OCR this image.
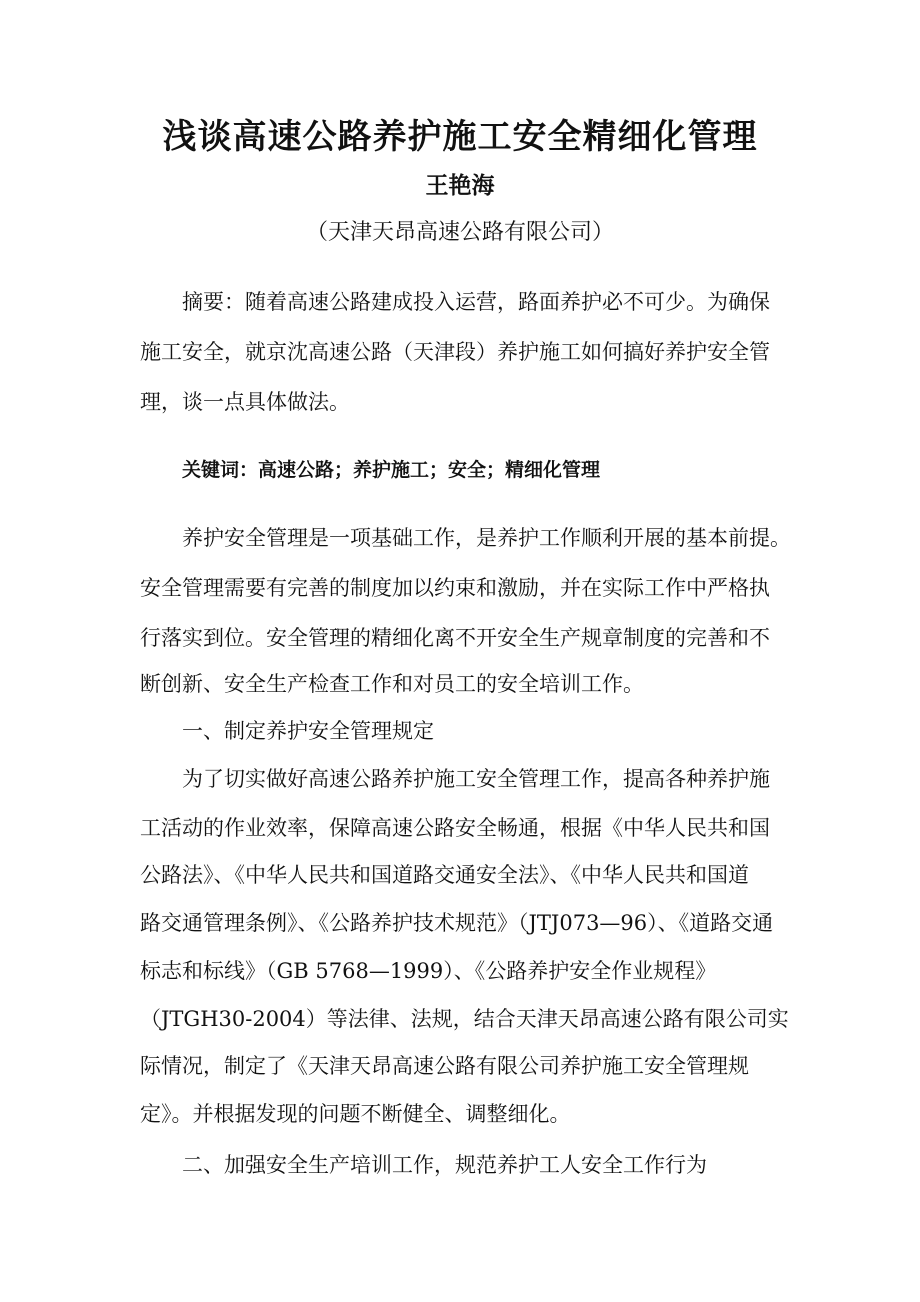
浅谈高速公路养护施工安全精细化管理
王艳海
（天津天昂高速公路有限公司）
摘要：随着高速公路建成投入运营，路面养护必不可少。为确保
施工安全，就京沈高速公路（天津段）养护施工如何搞好养护安全管
理，谈一点具体做法。
关键词：高速公路；养护施工；安全；精细化管理
养护安全管理是一项基础工作，是养护工作顺利开展的基本前提。
安全管理需要有完善的制度加以约束和激励，并在实际工作中严格执
行落实到位。安全管理的精细化离不开安全生产规章制度的完善和不
断创新、安全生产检查工作和对员工的安全培训工作。
一、制定养护安全管理规定
为了切实做好高速公路养护施工安全管理工作，提高各种养护施
工活动的作业效率，保障高速公路安全畅通，根据《中华人民共和国
公路法》、《中华人民共和国道路交通安全法》、《中华人民共和国道
路交通管理条例》、《公路养护技术规范》（JTJ073—96）、《道路交通
标志和标线》（GB 5768—1999）、《公路养护安全作业规程》
（JTGH30-2004）等法律、法规，结合天津天昂高速公路有限公司实
际情况，制定了《天津天昂高速公路有限公司养护施工安全管理规
定》。并根据发现的问题不断健全、调整细化。
二、加强安全生产培训工作，规范养护工人安全工作行为
